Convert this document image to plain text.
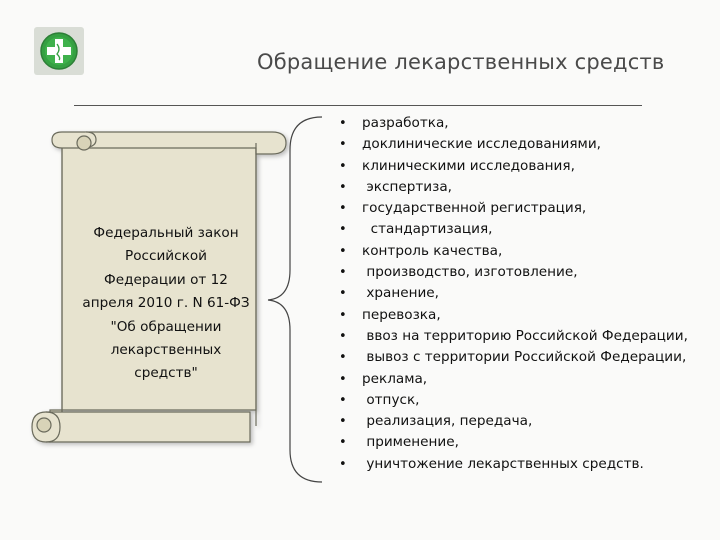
Обращение лекарственных средств
Федеральный закон
Российской
Федерации от 12
апреля 2010 г. N 61-ФЗ
"Об обращении
лекарственных
средств"
• разработка,
• доклинические исследованиями,
• клиническими исследования,
• экспертиза,
• государственной регистрация,
• стандартизация,
• контроль качества,
• производство, изготовление,
• хранение,
• перевозка,
• ввоз на территорию Российской Федерации,
• вывоз с территории Российской Федерации,
• реклама,
• отпуск,
• реализация, передача,
• применение,
• уничтожение лекарственных средств.
